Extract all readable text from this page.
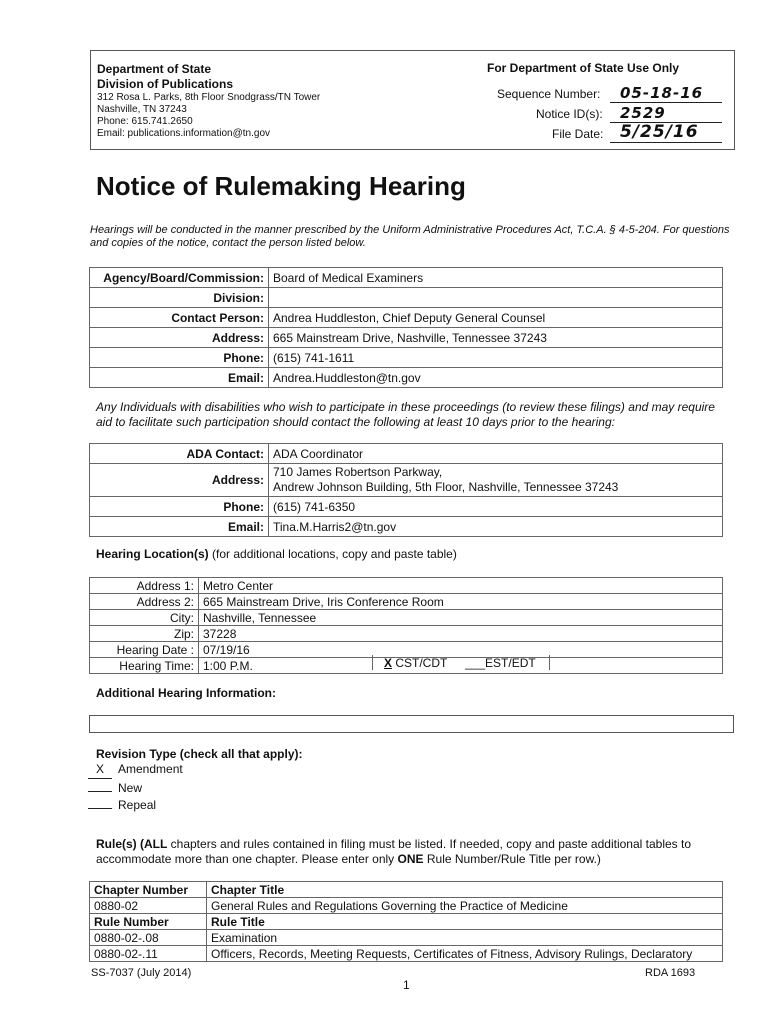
Department of State
Division of Publications
312 Rosa L. Parks, 8th Floor Snodgrass/TN Tower
Nashville, TN 37243
Phone: 615.741.2650
Email: publications.information@tn.gov
For Department of State Use Only
Sequence Number: 05-18-16
Notice ID(s): 2529
File Date: 5/25/16
Notice of Rulemaking Hearing
Hearings will be conducted in the manner prescribed by the Uniform Administrative Procedures Act, T.C.A. § 4-5-204. For questions and copies of the notice, contact the person listed below.
Agency/Board/Commission:	Board of Medical Examiners
Division:	
Contact Person:	Andrea Huddleston, Chief Deputy General Counsel
Address:	665 Mainstream Drive, Nashville, Tennessee 37243
Phone:	(615) 741-1611
Email:	Andrea.Huddleston@tn.gov
Any Individuals with disabilities who wish to participate in these proceedings (to review these filings) and may require aid to facilitate such participation should contact the following at least 10 days prior to the hearing:
ADA Contact:	ADA Coordinator
Address:	710 James Robertson Parkway,
Andrew Johnson Building, 5th Floor, Nashville, Tennessee 37243

Phone:	(615) 741-6350
Email:	Tina.M.Harris2@tn.gov
Hearing Location(s) (for additional locations, copy and paste table)
Address 1:	Metro Center
Address 2:	665 Mainstream Drive, Iris Conference Room
City:	Nashville, Tennessee
Zip:	37228
Hearing Date :	07/19/16
Hearing Time:	1:00 P.M.	X CST/CDT ___EST/EDT
Additional Hearing Information:
Revision Type (check all that apply):
X Amendment
New
Repeal
Rule(s) (ALL chapters and rules contained in filing must be listed. If needed, copy and paste additional tables to accommodate more than one chapter. Please enter only ONE Rule Number/Rule Title per row.)
Chapter Number	Chapter Title
0880-02	General Rules and Regulations Governing the Practice of Medicine
Rule Number	Rule Title
0880-02-.08	Examination
0880-02-.11	Officers, Records, Meeting Requests, Certificates of Fitness, Advisory Rulings, Declaratory
SS-7037 (July 2014)
1
RDA 1693
